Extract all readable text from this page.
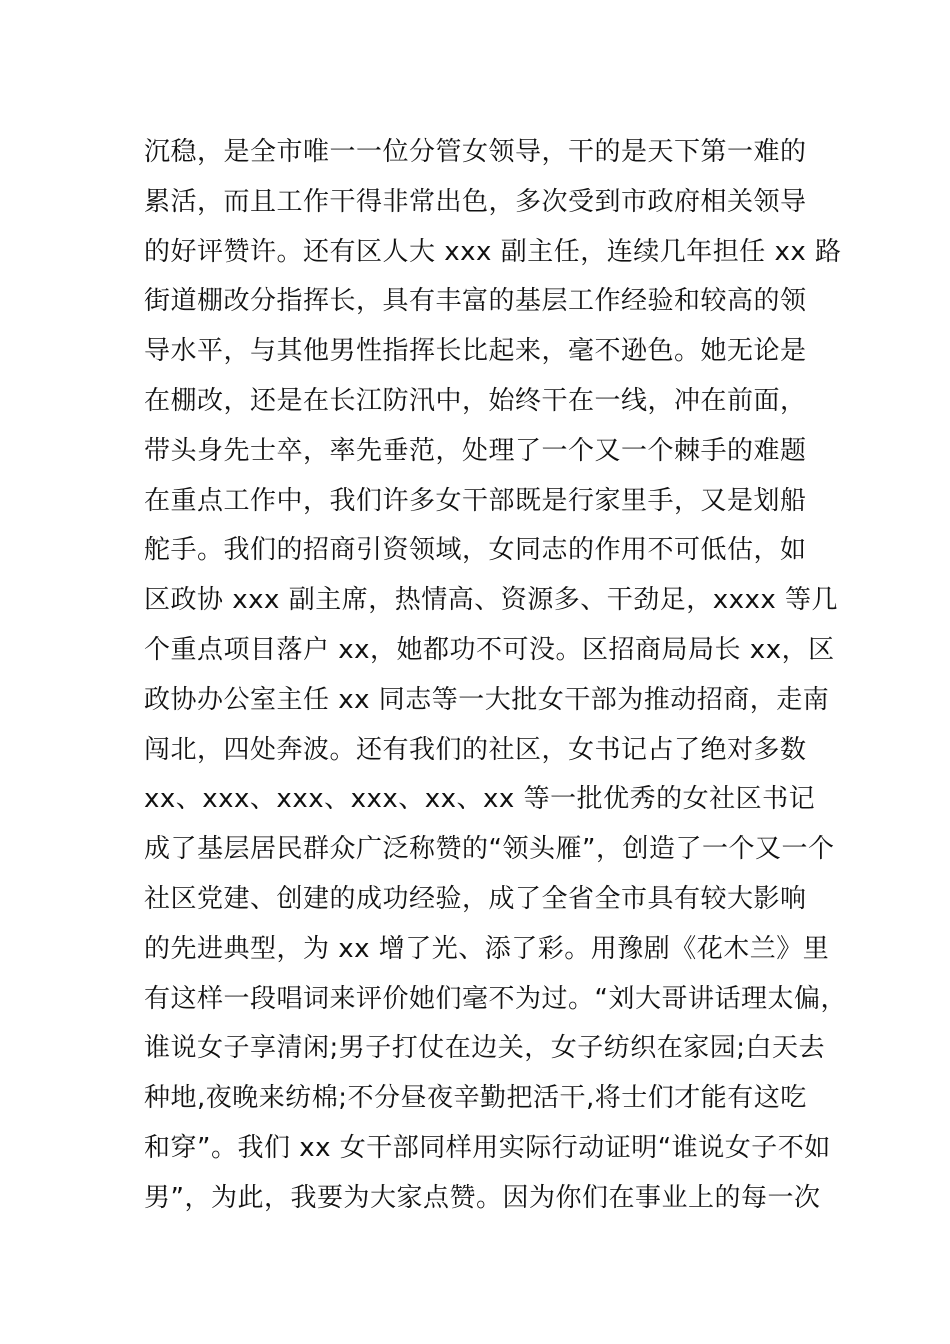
沉稳，是全市唯一一位分管女领导，干的是天下第一难的
累活，而且工作干得非常出色，多次受到市政府相关领导
的好评赞许。还有区人大 xxx 副主任，连续几年担任 xx 路
街道棚改分指挥长，具有丰富的基层工作经验和较高的领
导水平，与其他男性指挥长比起来，毫不逊色。她无论是
在棚改，还是在长江防汛中，始终干在一线，冲在前面，
带头身先士卒，率先垂范，处理了一个又一个棘手的难题
在重点工作中，我们许多女干部既是行家里手，又是划船
舵手。我们的招商引资领域，女同志的作用不可低估，如
区政协 xxx 副主席，热情高、资源多、干劲足，xxxx 等几
个重点项目落户 xx，她都功不可没。区招商局局长 xx，区
政协办公室主任 xx 同志等一大批女干部为推动招商，走南
闯北，四处奔波。还有我们的社区，女书记占了绝对多数
xx、xxx、xxx、xxx、xx、xx 等一批优秀的女社区书记
成了基层居民群众广泛称赞的“领头雁”，创造了一个又一个
社区党建、创建的成功经验，成了全省全市具有较大影响
的先进典型，为 xx 增了光、添了彩。用豫剧《花木兰》里
有这样一段唱词来评价她们毫不为过。“刘大哥讲话理太偏，
谁说女子享清闲;男子打仗在边关，女子纺织在家园;白天去
种地,夜晚来纺棉;不分昼夜辛勤把活干,将士们才能有这吃
和穿”。我们 xx 女干部同样用实际行动证明“谁说女子不如
男”，为此，我要为大家点赞。因为你们在事业上的每一次
